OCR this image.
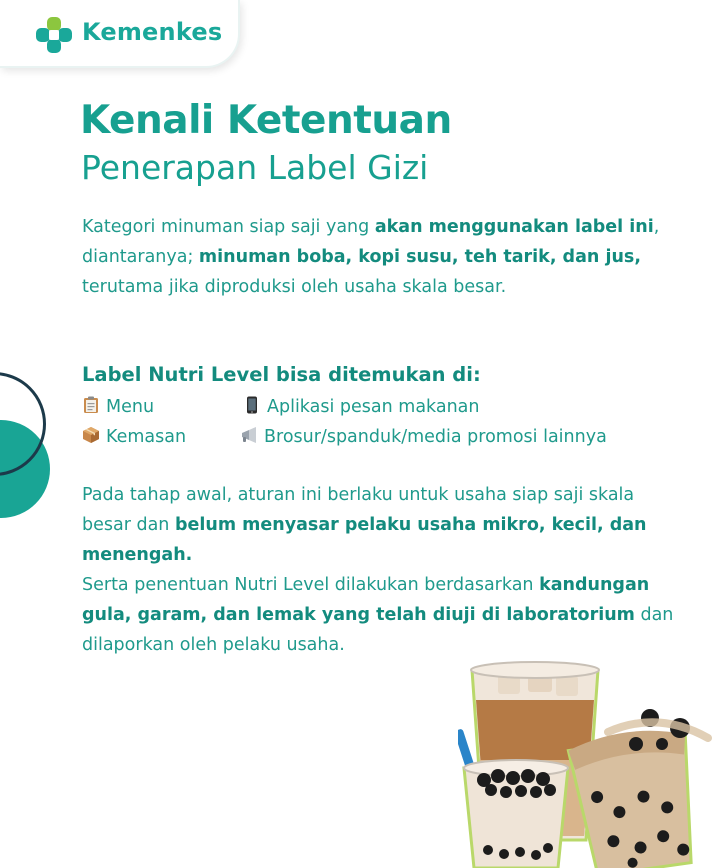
Kemenkes
Kenali Ketentuan
Penerapan Label Gizi
Kategori minuman siap saji yang akan menggunakan label ini, diantaranya; minuman boba, kopi susu, teh tarik, dan jus, terutama jika diproduksi oleh usaha skala besar.
Label Nutri Level bisa ditemukan di:
Menu	Aplikasi pesan makanan
Kemasan	Brosur/spanduk/media promosi lainnya
Pada tahap awal, aturan ini berlaku untuk usaha siap saji skala besar dan belum menyasar pelaku usaha mikro, kecil, dan menengah.
Serta penentuan Nutri Level dilakukan berdasarkan kandungan gula, garam, dan lemak yang telah diuji di laboratorium dan dilaporkan oleh pelaku usaha.
